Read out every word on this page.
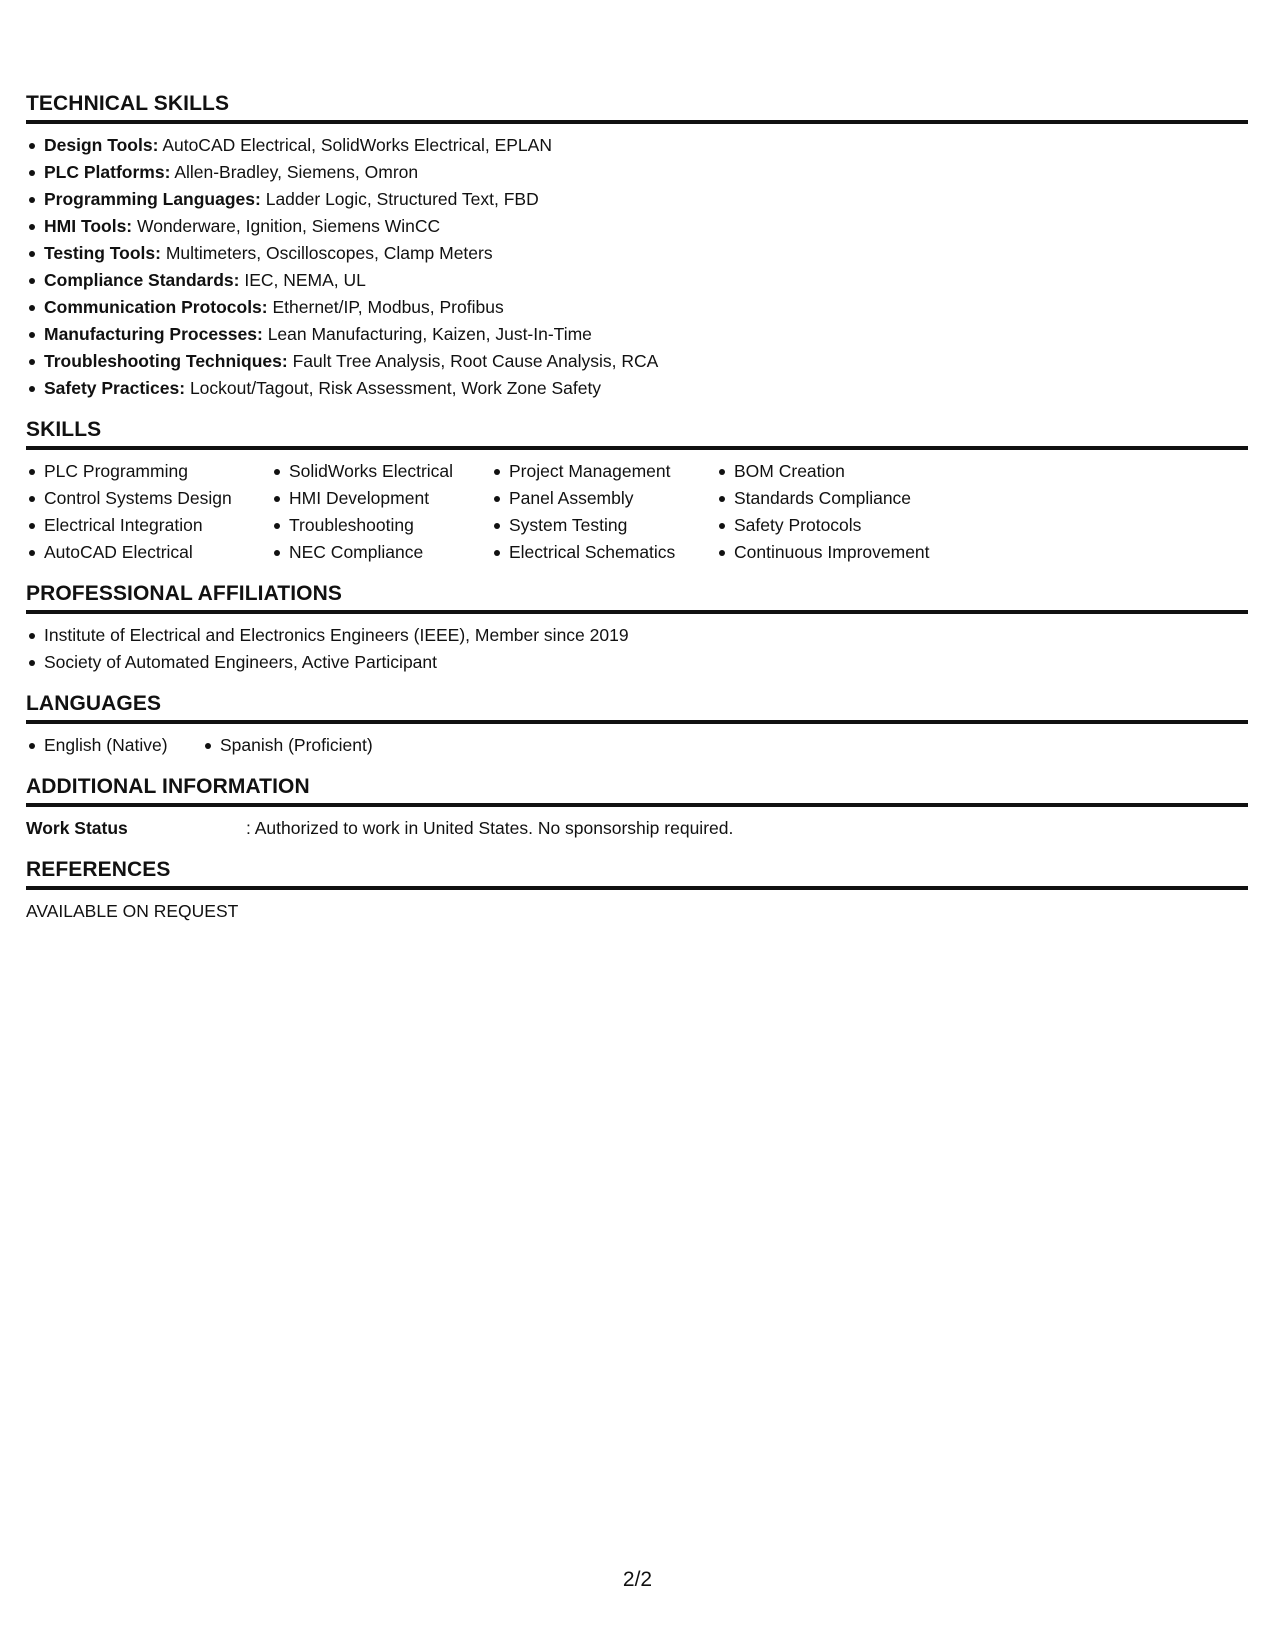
TECHNICAL SKILLS
Design Tools: AutoCAD Electrical, SolidWorks Electrical, EPLAN
PLC Platforms: Allen-Bradley, Siemens, Omron
Programming Languages: Ladder Logic, Structured Text, FBD
HMI Tools: Wonderware, Ignition, Siemens WinCC
Testing Tools: Multimeters, Oscilloscopes, Clamp Meters
Compliance Standards: IEC, NEMA, UL
Communication Protocols: Ethernet/IP, Modbus, Profibus
Manufacturing Processes: Lean Manufacturing, Kaizen, Just-In-Time
Troubleshooting Techniques: Fault Tree Analysis, Root Cause Analysis, RCA
Safety Practices: Lockout/Tagout, Risk Assessment, Work Zone Safety
SKILLS
PLC Programming
Control Systems Design
Electrical Integration
AutoCAD Electrical
SolidWorks Electrical
HMI Development
Troubleshooting
NEC Compliance
Project Management
Panel Assembly
System Testing
Electrical Schematics
BOM Creation
Standards Compliance
Safety Protocols
Continuous Improvement
PROFESSIONAL AFFILIATIONS
Institute of Electrical and Electronics Engineers (IEEE), Member since 2019
Society of Automated Engineers, Active Participant
LANGUAGES
English (Native)	Spanish (Proficient)
ADDITIONAL INFORMATION
Work Status	: Authorized to work in United States. No sponsorship required.
REFERENCES
AVAILABLE ON REQUEST
2/2
